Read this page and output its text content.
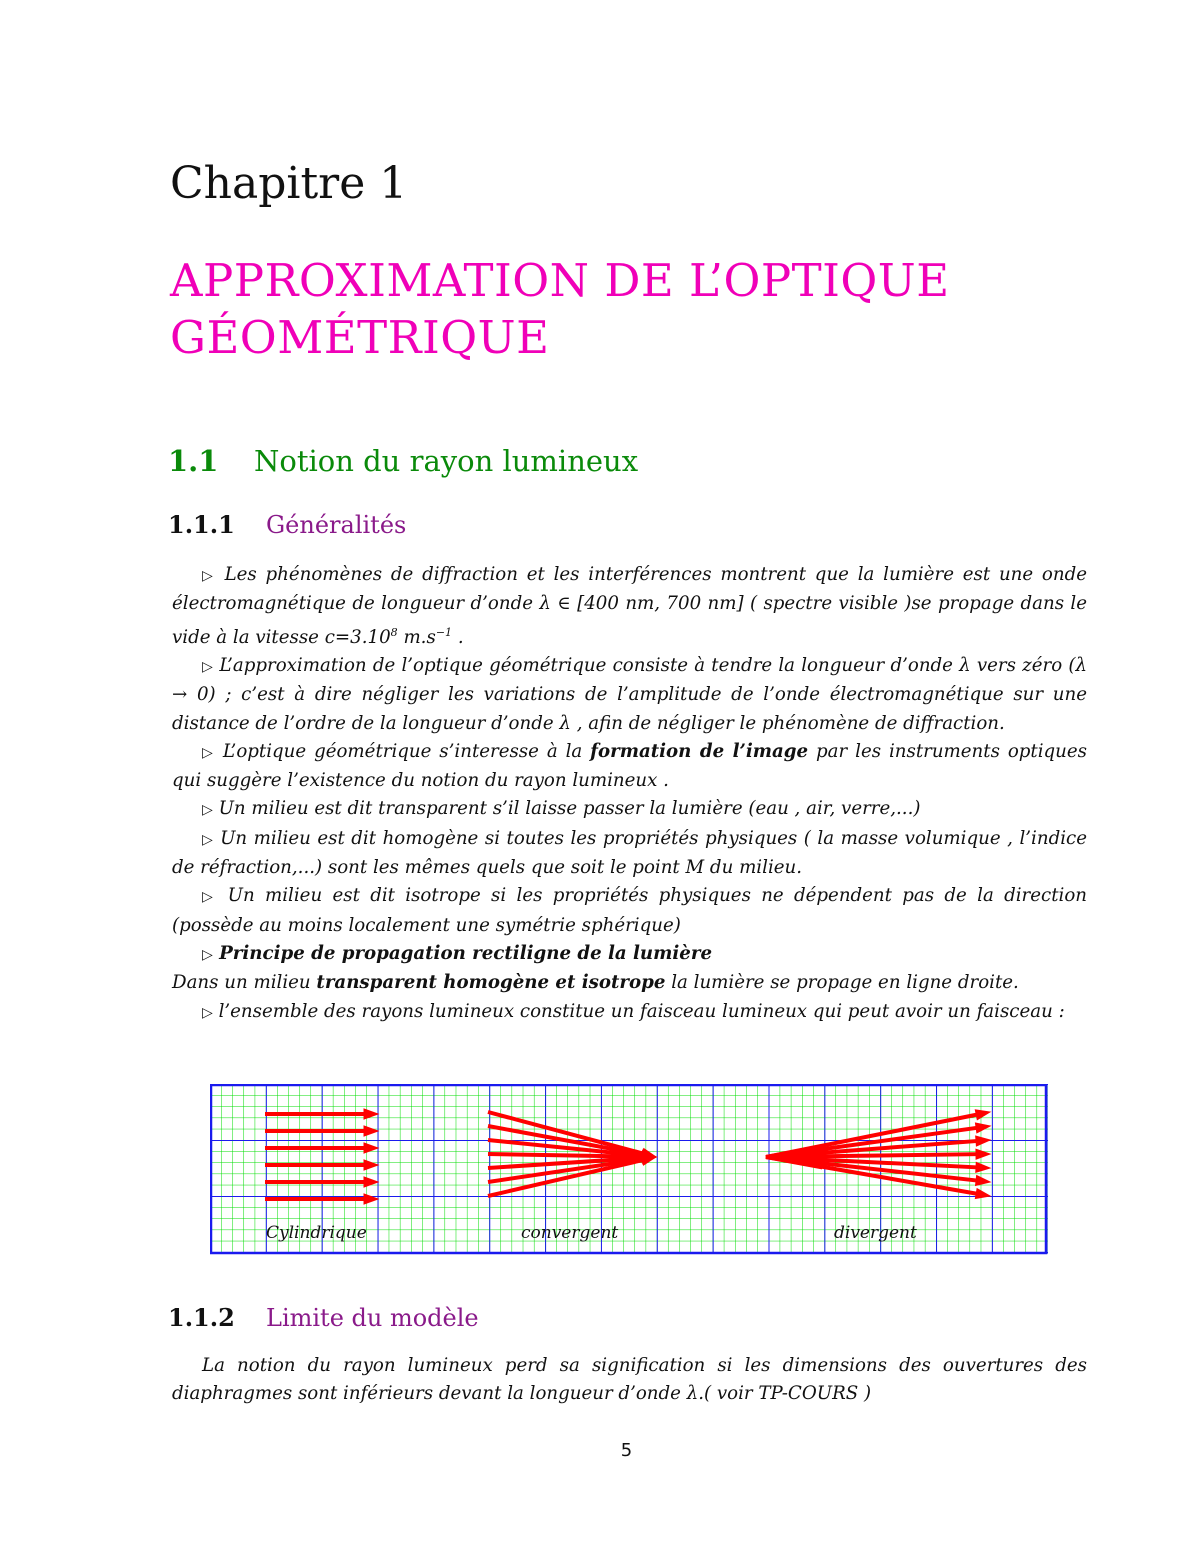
Chapitre 1
APPROXIMATION DE L’OPTIQUE
GÉOMÉTRIQUE
1.1 Notion du rayon lumineux
1.1.1 Généralités

▷ Les phénomènes de diffraction et les interférences montrent que la lumière est une onde électromagnétique de longueur d’onde λ ∈ [400 nm, 700 nm] ( spectre visible )se propage dans le vide à la vitesse $c=3.10^8$ $m.s^{-1}$ .

▷ L’approximation de l’optique géométrique consiste à tendre la longueur d’onde λ vers zéro (λ → 0) ; c’est à dire négliger les variations de l’amplitude de l’onde électromagnétique sur une distance de l’ordre de la longueur d’onde λ , afin de négliger le phénomène de diffraction.

▷ L’optique géométrique s’interesse à la formation de l’image par les instruments optiques qui suggère l’existence du notion du rayon lumineux .

▷ Un milieu est dit transparent s’il laisse passer la lumière (eau , air, verre,...)

▷ Un milieu est dit homogène si toutes les propriétés physiques ( la masse volumique , l’indice de réfraction,...) sont les mêmes quels que soit le point M du milieu.

▷ Un milieu est dit isotrope si les propriétés physiques ne dépendent pas de la direction (possède au moins localement une symétrie sphérique)

▷ Principe de propagation rectiligne de la lumière

Dans un milieu transparent homogène et isotrope la lumière se propage en ligne droite.

▷ l’ensemble des rayons lumineux constitue un faisceau lumineux qui peut avoir un faisceau :

Cylindrique	convergent	divergent
1.1.2 Limite du modèle

La notion du rayon lumineux perd sa signification si les dimensions des ouvertures des diaphragmes sont inférieurs devant la longueur d’onde λ.( voir TP-COURS )

5
